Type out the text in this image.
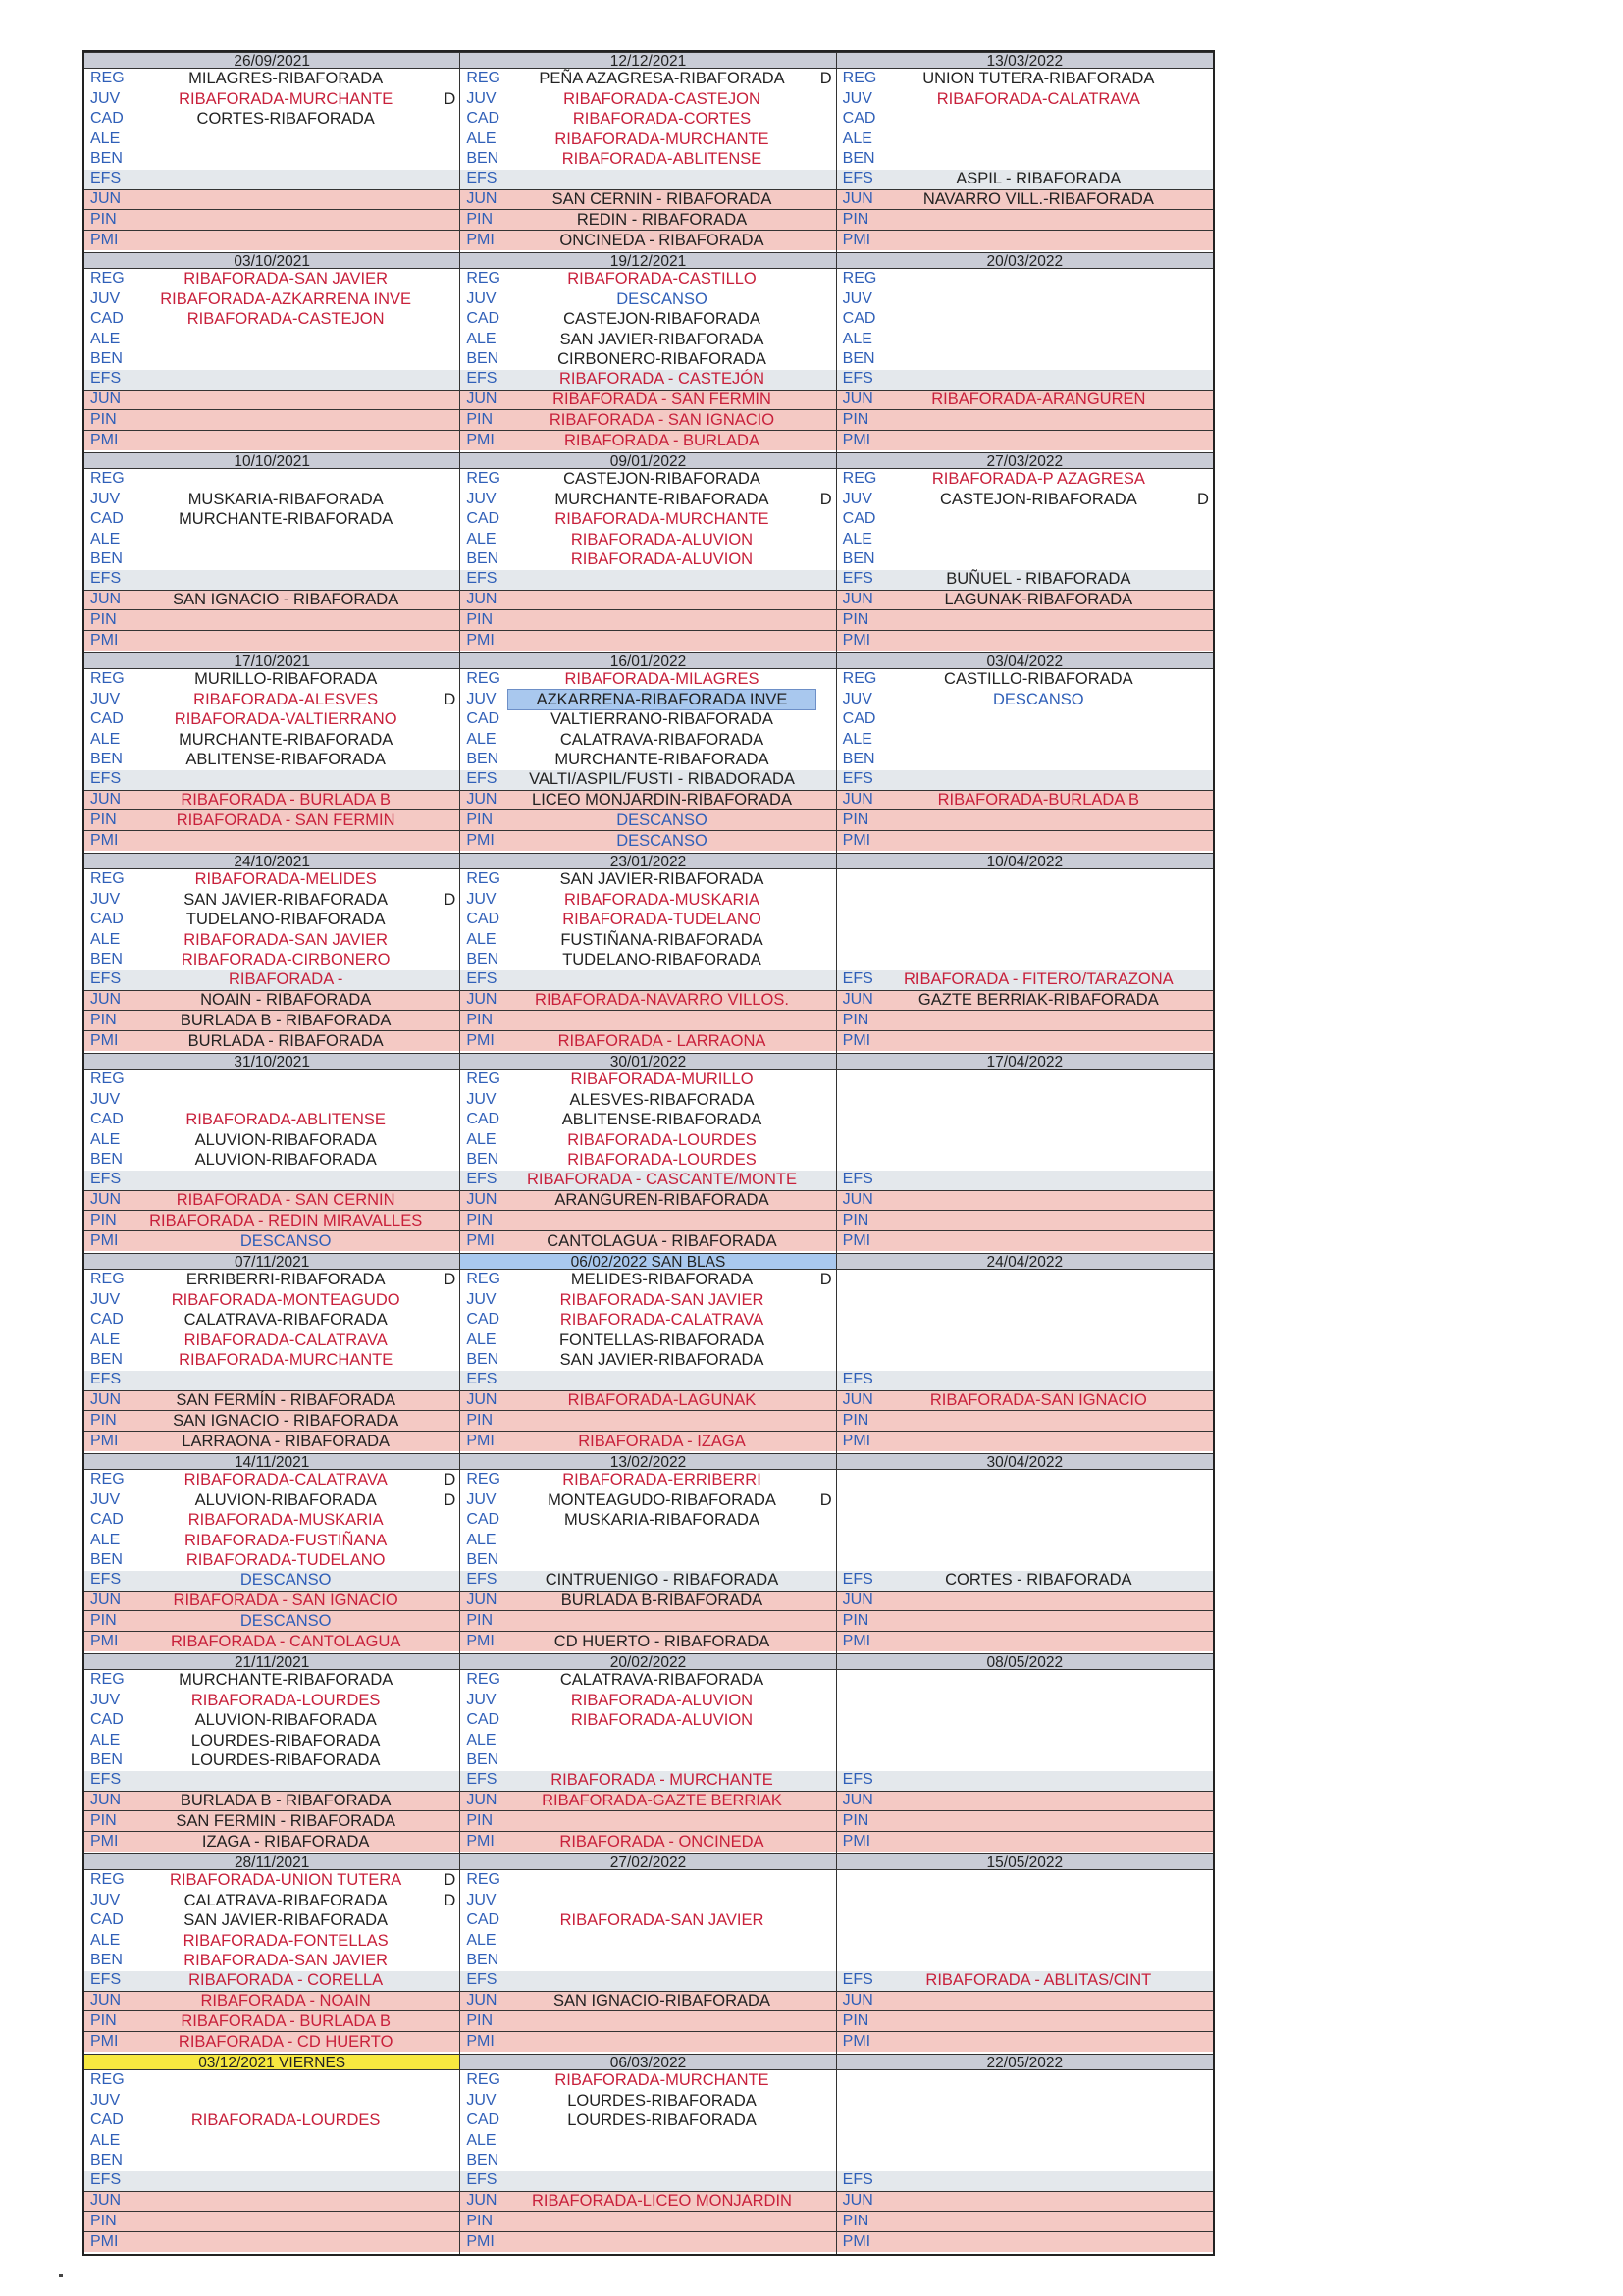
26/09/2021
REG	MILAGRES-RIBAFORADA
JUV	RIBAFORADA-MURCHANTE	D
CAD	CORTES-RIBAFORADA
ALE
BEN
EFS
JUN
PIN
PMI
03/10/2021
REG	RIBAFORADA-SAN JAVIER
JUV	RIBAFORADA-AZKARRENA INVE
CAD	RIBAFORADA-CASTEJON
ALE
BEN
EFS
JUN
PIN
PMI
10/10/2021
REG
JUV	MUSKARIA-RIBAFORADA
CAD	MURCHANTE-RIBAFORADA
ALE
BEN
EFS
JUN	SAN IGNACIO - RIBAFORADA
PIN
PMI
17/10/2021
REG	MURILLO-RIBAFORADA
JUV	RIBAFORADA-ALESVES	D
CAD	RIBAFORADA-VALTIERRANO
ALE	MURCHANTE-RIBAFORADA
BEN	ABLITENSE-RIBAFORADA
EFS
JUN	RIBAFORADA - BURLADA B
PIN	RIBAFORADA - SAN FERMIN
PMI
24/10/2021
REG	RIBAFORADA-MELIDES
JUV	SAN JAVIER-RIBAFORADA	D
CAD	TUDELANO-RIBAFORADA
ALE	RIBAFORADA-SAN JAVIER
BEN	RIBAFORADA-CIRBONERO
EFS	RIBAFORADA -
JUN	NOAIN - RIBAFORADA
PIN	BURLADA B - RIBAFORADA
PMI	BURLADA - RIBAFORADA
31/10/2021
REG
JUV
CAD	RIBAFORADA-ABLITENSE
ALE	ALUVION-RIBAFORADA
BEN	ALUVION-RIBAFORADA
EFS
JUN	RIBAFORADA - SAN CERNIN
PIN	RIBAFORADA - REDIN MIRAVALLES
PMI	DESCANSO
07/11/2021
REG	ERRIBERRI-RIBAFORADA	D
JUV	RIBAFORADA-MONTEAGUDO
CAD	CALATRAVA-RIBAFORADA
ALE	RIBAFORADA-CALATRAVA
BEN	RIBAFORADA-MURCHANTE
EFS
JUN	SAN FERMÍN - RIBAFORADA
PIN	SAN IGNACIO - RIBAFORADA
PMI	LARRAONA - RIBAFORADA
14/11/2021
REG	RIBAFORADA-CALATRAVA	D
JUV	ALUVION-RIBAFORADA	D
CAD	RIBAFORADA-MUSKARIA
ALE	RIBAFORADA-FUSTIÑANA
BEN	RIBAFORADA-TUDELANO
EFS	DESCANSO
JUN	RIBAFORADA - SAN IGNACIO
PIN	DESCANSO
PMI	RIBAFORADA - CANTOLAGUA
21/11/2021
REG	MURCHANTE-RIBAFORADA
JUV	RIBAFORADA-LOURDES
CAD	ALUVION-RIBAFORADA
ALE	LOURDES-RIBAFORADA
BEN	LOURDES-RIBAFORADA
EFS
JUN	BURLADA B - RIBAFORADA
PIN	SAN FERMIN - RIBAFORADA
PMI	IZAGA - RIBAFORADA
28/11/2021
REG	RIBAFORADA-UNION TUTERA	D
JUV	CALATRAVA-RIBAFORADA	D
CAD	SAN JAVIER-RIBAFORADA
ALE	RIBAFORADA-FONTELLAS
BEN	RIBAFORADA-SAN JAVIER
EFS	RIBAFORADA - CORELLA
JUN	RIBAFORADA - NOAIN
PIN	RIBAFORADA - BURLADA B
PMI	RIBAFORADA - CD HUERTO
03/12/2021 VIERNES
REG
JUV
CAD	RIBAFORADA-LOURDES
ALE
BEN
EFS
JUN
PIN
PMI
12/12/2021
REG	PEÑA AZAGRESA-RIBAFORADA	D
JUV	RIBAFORADA-CASTEJON
CAD	RIBAFORADA-CORTES
ALE	RIBAFORADA-MURCHANTE
BEN	RIBAFORADA-ABLITENSE
EFS
JUN	SAN CERNIN - RIBAFORADA
PIN	REDIN - RIBAFORADA
PMI	ONCINEDA - RIBAFORADA
19/12/2021
REG	RIBAFORADA-CASTILLO
JUV	DESCANSO
CAD	CASTEJON-RIBAFORADA
ALE	SAN JAVIER-RIBAFORADA
BEN	CIRBONERO-RIBAFORADA
EFS	RIBAFORADA - CASTEJÓN
JUN	RIBAFORADA - SAN FERMIN
PIN	RIBAFORADA - SAN IGNACIO
PMI	RIBAFORADA - BURLADA
09/01/2022
REG	CASTEJON-RIBAFORADA
JUV	MURCHANTE-RIBAFORADA	D
CAD	RIBAFORADA-MURCHANTE
ALE	RIBAFORADA-ALUVION
BEN	RIBAFORADA-ALUVION
EFS
JUN
PIN
PMI
16/01/2022
REG	RIBAFORADA-MILAGRES
JUV	AZKARRENA-RIBAFORADA INVE
CAD	VALTIERRANO-RIBAFORADA
ALE	CALATRAVA-RIBAFORADA
BEN	MURCHANTE-RIBAFORADA
EFS	VALTI/ASPIL/FUSTI - RIBADORADA
JUN	LICEO MONJARDIN-RIBAFORADA
PIN	DESCANSO
PMI	DESCANSO
23/01/2022
REG	SAN JAVIER-RIBAFORADA
JUV	RIBAFORADA-MUSKARIA
CAD	RIBAFORADA-TUDELANO
ALE	FUSTIÑANA-RIBAFORADA
BEN	TUDELANO-RIBAFORADA
EFS
JUN	RIBAFORADA-NAVARRO VILLOS.
PIN
PMI	RIBAFORADA - LARRAONA
30/01/2022
REG	RIBAFORADA-MURILLO
JUV	ALESVES-RIBAFORADA
CAD	ABLITENSE-RIBAFORADA
ALE	RIBAFORADA-LOURDES
BEN	RIBAFORADA-LOURDES
EFS	RIBAFORADA - CASCANTE/MONTE
JUN	ARANGUREN-RIBAFORADA
PIN
PMI	CANTOLAGUA - RIBAFORADA
06/02/2022 SAN BLAS
REG	MELIDES-RIBAFORADA	D
JUV	RIBAFORADA-SAN JAVIER
CAD	RIBAFORADA-CALATRAVA
ALE	FONTELLAS-RIBAFORADA
BEN	SAN JAVIER-RIBAFORADA
EFS
JUN	RIBAFORADA-LAGUNAK
PIN
PMI	RIBAFORADA - IZAGA
13/02/2022
REG	RIBAFORADA-ERRIBERRI
JUV	MONTEAGUDO-RIBAFORADA	D
CAD	MUSKARIA-RIBAFORADA
ALE
BEN
EFS	CINTRUENIGO - RIBAFORADA
JUN	BURLADA B-RIBAFORADA
PIN
PMI	CD HUERTO - RIBAFORADA
20/02/2022
REG	CALATRAVA-RIBAFORADA
JUV	RIBAFORADA-ALUVION
CAD	RIBAFORADA-ALUVION
ALE
BEN
EFS	RIBAFORADA - MURCHANTE
JUN	RIBAFORADA-GAZTE BERRIAK
PIN
PMI	RIBAFORADA - ONCINEDA
27/02/2022
REG
JUV
CAD	RIBAFORADA-SAN JAVIER
ALE
BEN
EFS
JUN	SAN IGNACIO-RIBAFORADA
PIN
PMI
06/03/2022
REG	RIBAFORADA-MURCHANTE
JUV	LOURDES-RIBAFORADA
CAD	LOURDES-RIBAFORADA
ALE
BEN
EFS
JUN	RIBAFORADA-LICEO MONJARDIN
PIN
PMI
13/03/2022
REG	UNION TUTERA-RIBAFORADA
JUV	RIBAFORADA-CALATRAVA
CAD
ALE
BEN
EFS	ASPIL - RIBAFORADA
JUN	NAVARRO VILL.-RIBAFORADA
PIN
PMI
20/03/2022
REG
JUV
CAD
ALE
BEN
EFS
JUN	RIBAFORADA-ARANGUREN
PIN
PMI
27/03/2022
REG	RIBAFORADA-P AZAGRESA
JUV	CASTEJON-RIBAFORADA	D
CAD
ALE
BEN
EFS	BUÑUEL - RIBAFORADA
JUN	LAGUNAK-RIBAFORADA
PIN
PMI
03/04/2022
REG	CASTILLO-RIBAFORADA
JUV	DESCANSO
CAD
ALE
BEN
EFS
JUN	RIBAFORADA-BURLADA B
PIN
PMI
10/04/2022
EFS	RIBAFORADA - FITERO/TARAZONA
JUN	GAZTE BERRIAK-RIBAFORADA
PIN
PMI
17/04/2022
EFS
JUN
PIN
PMI
24/04/2022
EFS
JUN	RIBAFORADA-SAN IGNACIO
PIN
PMI
30/04/2022
EFS	CORTES - RIBAFORADA
JUN
PIN
PMI
08/05/2022
EFS
JUN
PIN
PMI
15/05/2022
EFS	RIBAFORADA - ABLITAS/CINT
JUN
PIN
PMI
22/05/2022
EFS
JUN
PIN
PMI
